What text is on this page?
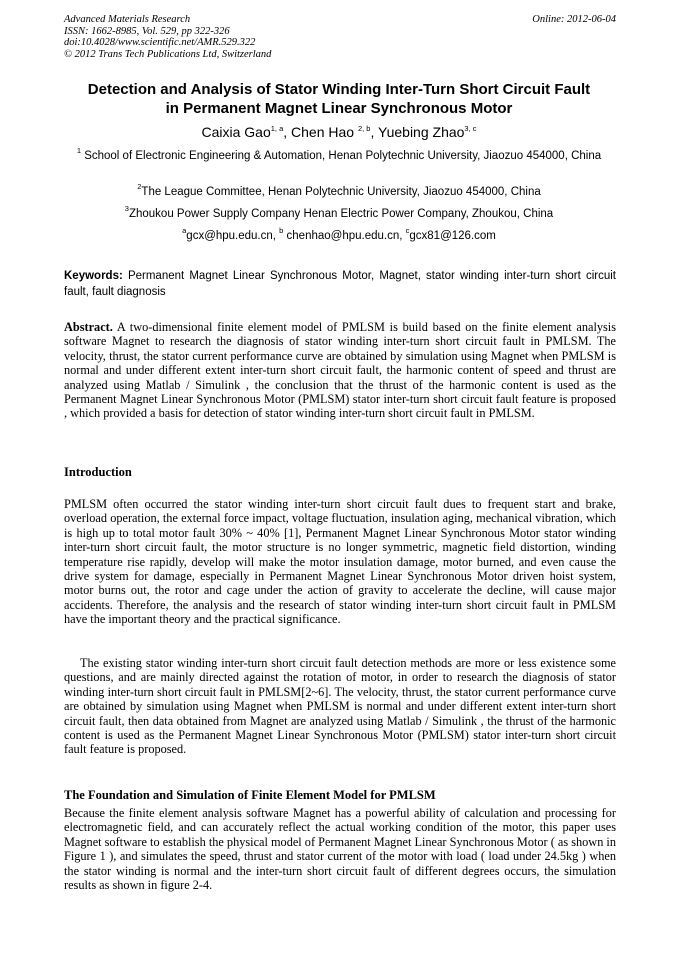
Advanced Materials Research
ISSN: 1662-8985, Vol. 529, pp 322-326
doi:10.4028/www.scientific.net/AMR.529.322
© 2012 Trans Tech Publications Ltd, Switzerland
Online: 2012-06-04
Detection and Analysis of Stator Winding Inter-Turn Short Circuit Fault
in Permanent Magnet Linear Synchronous Motor
Caixia Gao$^{1, a}$, Chen Hao $^{2, b}$, Yuebing Zhao$^{3, c}$
$^1$ School of Electronic Engineering & Automation, Henan Polytechnic University, Jiaozuo 454000, China
$^2$The League Committee, Henan Polytechnic University, Jiaozuo 454000, China
$^3$Zhoukou Power Supply Company Henan Electric Power Company, Zhoukou, China
$^a$gcx@hpu.edu.cn, $^b$ chenhao@hpu.edu.cn, $^c$gcx81@126.com
Keywords: Permanent Magnet Linear Synchronous Motor, Magnet, stator winding inter-turn short circuit fault, fault diagnosis
Abstract. A two-dimensional finite element model of PMLSM is build based on the finite element analysis software Magnet to research the diagnosis of stator winding inter-turn short circuit fault in PMLSM. The velocity, thrust, the stator current performance curve are obtained by simulation using Magnet when PMLSM is normal and under different extent inter-turn short circuit fault, the harmonic content of speed and thrust are analyzed using Matlab / Simulink , the conclusion that the thrust of the harmonic content is used as the Permanent Magnet Linear Synchronous Motor (PMLSM) stator inter-turn short circuit fault feature is proposed , which provided a basis for detection of stator winding inter-turn short circuit fault in PMLSM.
Introduction
PMLSM often occurred the stator winding inter-turn short circuit fault dues to frequent start and brake, overload operation, the external force impact, voltage fluctuation, insulation aging, mechanical vibration, which is high up to total motor fault 30% ~ 40% [1], Permanent Magnet Linear Synchronous Motor stator winding inter-turn short circuit fault, the motor structure is no longer symmetric, magnetic field distortion, winding temperature rise rapidly, develop will make the motor insulation damage, motor burned, and even cause the drive system for damage, especially in Permanent Magnet Linear Synchronous Motor driven hoist system, motor burns out, the rotor and cage under the action of gravity to accelerate the decline, will cause major accidents. Therefore, the analysis and the research of stator winding inter-turn short circuit fault in PMLSM have the important theory and the practical significance.
The existing stator winding inter-turn short circuit fault detection methods are more or less existence some questions, and are mainly directed against the rotation of motor, in order to research the diagnosis of stator winding inter-turn short circuit fault in PMLSM[2~6]. The velocity, thrust, the stator current performance curve are obtained by simulation using Magnet when PMLSM is normal and under different extent inter-turn short circuit fault, then data obtained from Magnet are analyzed using Matlab / Simulink , the thrust of the harmonic content is used as the Permanent Magnet Linear Synchronous Motor (PMLSM) stator inter-turn short circuit fault feature is proposed.
The Foundation and Simulation of Finite Element Model for PMLSM
Because the finite element analysis software Magnet has a powerful ability of calculation and processing for electromagnetic field, and can accurately reflect the actual working condition of the motor, this paper uses Magnet software to establish the physical model of Permanent Magnet Linear Synchronous Motor ( as shown in Figure 1 ), and simulates the speed, thrust and stator current of the motor with load ( load under 24.5kg ) when the stator winding is normal and the inter-turn short circuit fault of different degrees occurs, the simulation results as shown in figure 2-4.
